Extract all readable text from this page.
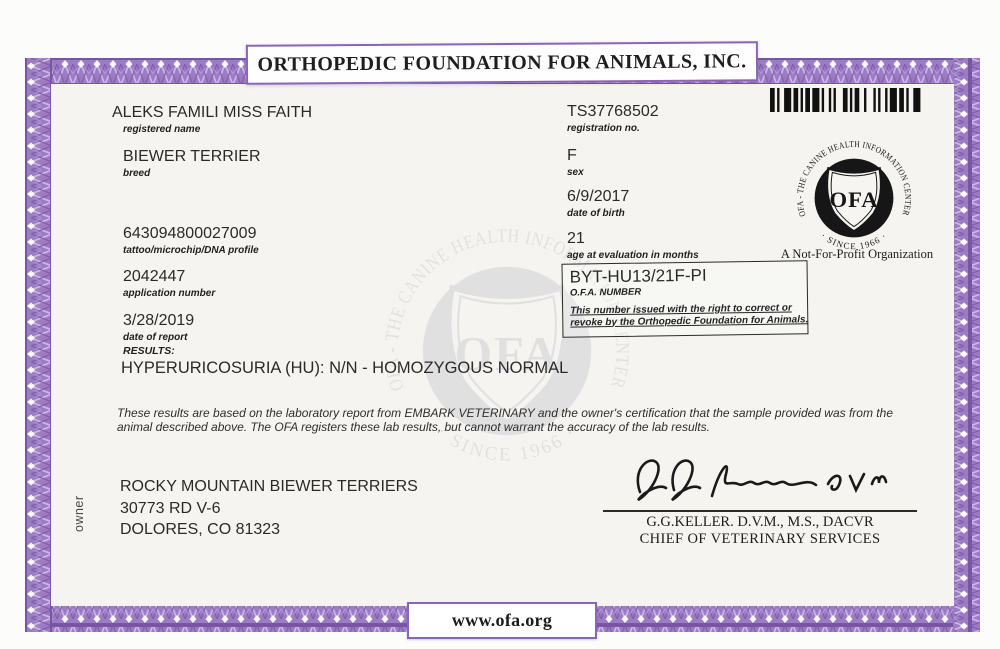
ORTHOPEDIC FOUNDATION FOR ANIMALS, INC.
A Not-For-Profit Organization
ALEKS FAMILI MISS FAITH
registered name
BIEWER TERRIER
breed
643094800027009
tattoo/microchip/DNA profile
2042447
application number
3/28/2019
date of report
TS37768502
registration no.
F
sex
6/9/2017
date of birth
21
age at evaluation in months
BYT-HU13/21F-PI
O.F.A. NUMBER
This number issued with the right to correct or
revoke by the Orthopedic Foundation for Animals.
RESULTS:
HYPERURICOSURIA (HU): N/N - HOMOZYGOUS NORMAL
These results are based on the laboratory report from EMBARK VETERINARY and the owner's certification that the sample provided was from the animal described above. The OFA registers these lab results, but cannot warrant the accuracy of the lab results.
owner
ROCKY MOUNTAIN BIEWER TERRIERS
30773 RD V-6
DOLORES, CO 81323	G.G.KELLER. D.V.M., M.S., DACVR
CHIEF OF VETERINARY SERVICES
www.ofa.org
